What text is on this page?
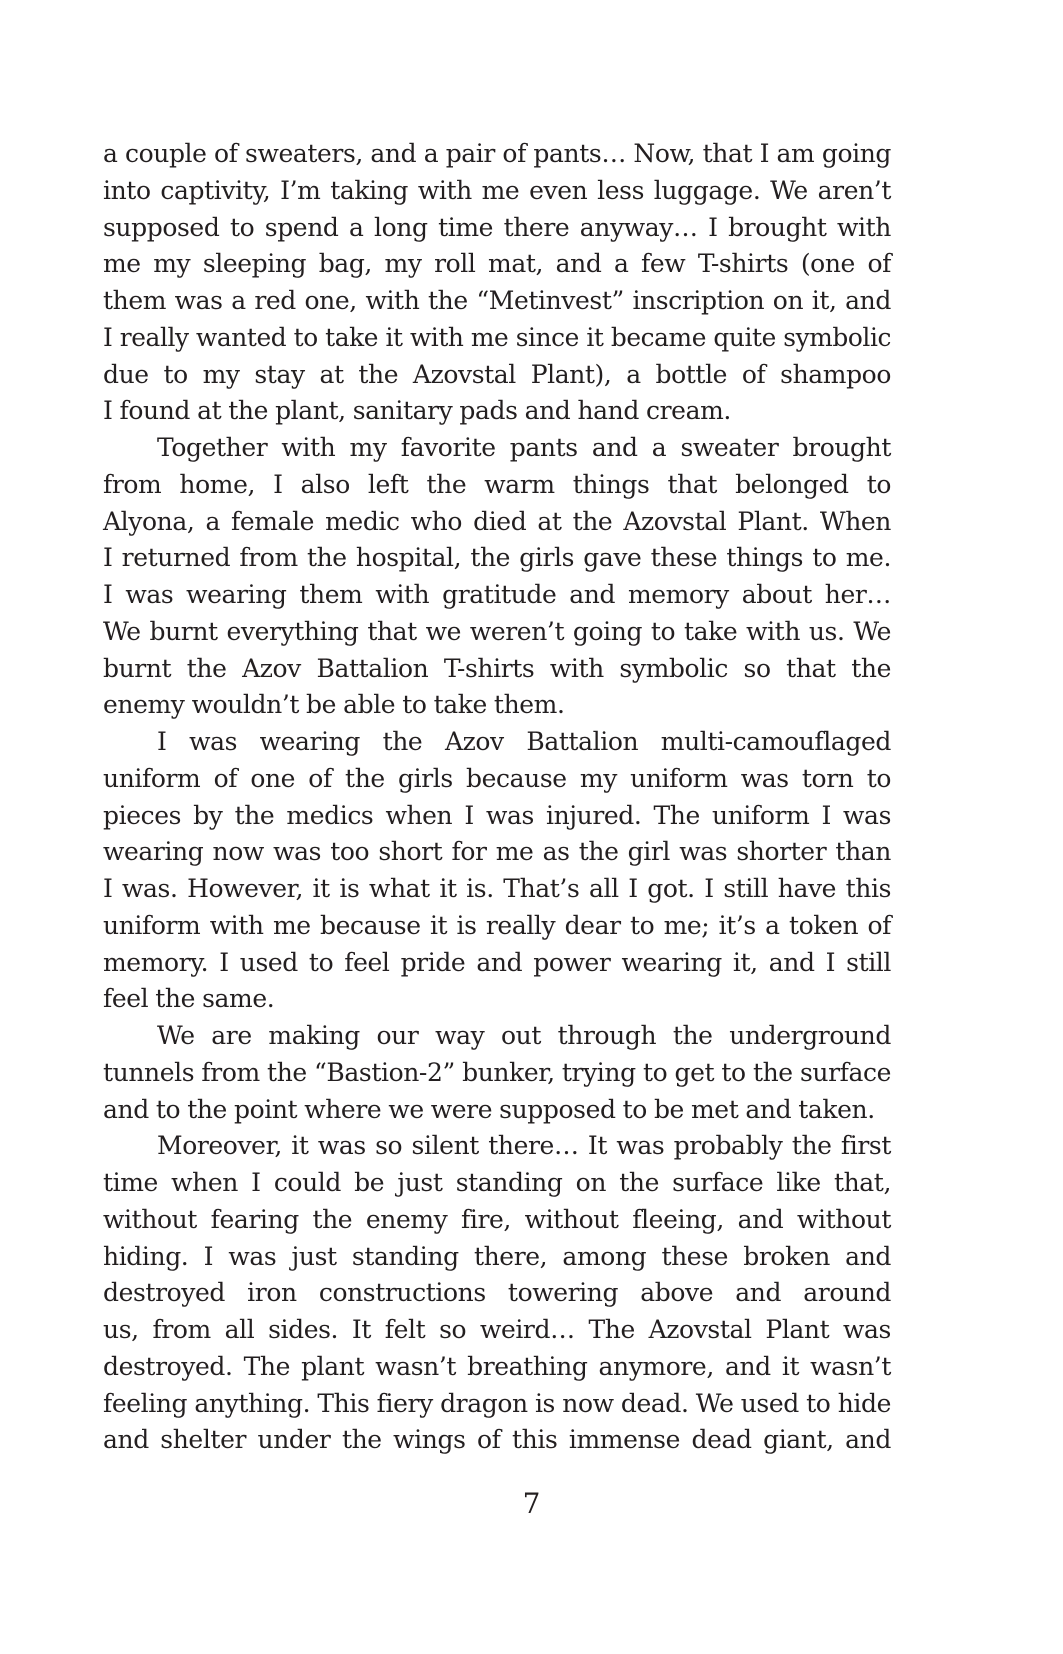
a couple of sweaters, and a pair of pants… Now, that I am going
into captivity, I’m taking with me even less luggage. We aren’t
supposed to spend a long time there anyway… I brought with
me my sleeping bag, my roll mat, and a few T-shirts (one of
them was a red one, with the “Metinvest” inscription on it, and
I really wanted to take it with me since it became quite symbolic
due to my stay at the Azovstal Plant), a bottle of shampoo
I found at the plant, sanitary pads and hand cream.
Together with my favorite pants and a sweater brought
from home, I also left the warm things that belonged to
Alyona, a female medic who died at the Azovstal Plant. When
I returned from the hospital, the girls gave these things to me.
I was wearing them with gratitude and memory about her…
We burnt everything that we weren’t going to take with us. We
burnt the Azov Battalion T-shirts with symbolic so that the
enemy wouldn’t be able to take them.
I was wearing the Azov Battalion multi-camouflaged
uniform of one of the girls because my uniform was torn to
pieces by the medics when I was injured. The uniform I was
wearing now was too short for me as the girl was shorter than
I was. However, it is what it is. That’s all I got. I still have this
uniform with me because it is really dear to me; it’s a token of
memory. I used to feel pride and power wearing it, and I still
feel the same.
We are making our way out through the underground
tunnels from the “Bastion-2” bunker, trying to get to the surface
and to the point where we were supposed to be met and taken.
Moreover, it was so silent there… It was probably the first
time when I could be just standing on the surface like that,
without fearing the enemy fire, without fleeing, and without
hiding. I was just standing there, among these broken and
destroyed iron constructions towering above and around
us, from all sides. It felt so weird… The Azovstal Plant was
destroyed. The plant wasn’t breathing anymore, and it wasn’t
feeling anything. This fiery dragon is now dead. We used to hide
and shelter under the wings of this immense dead giant, and
7
